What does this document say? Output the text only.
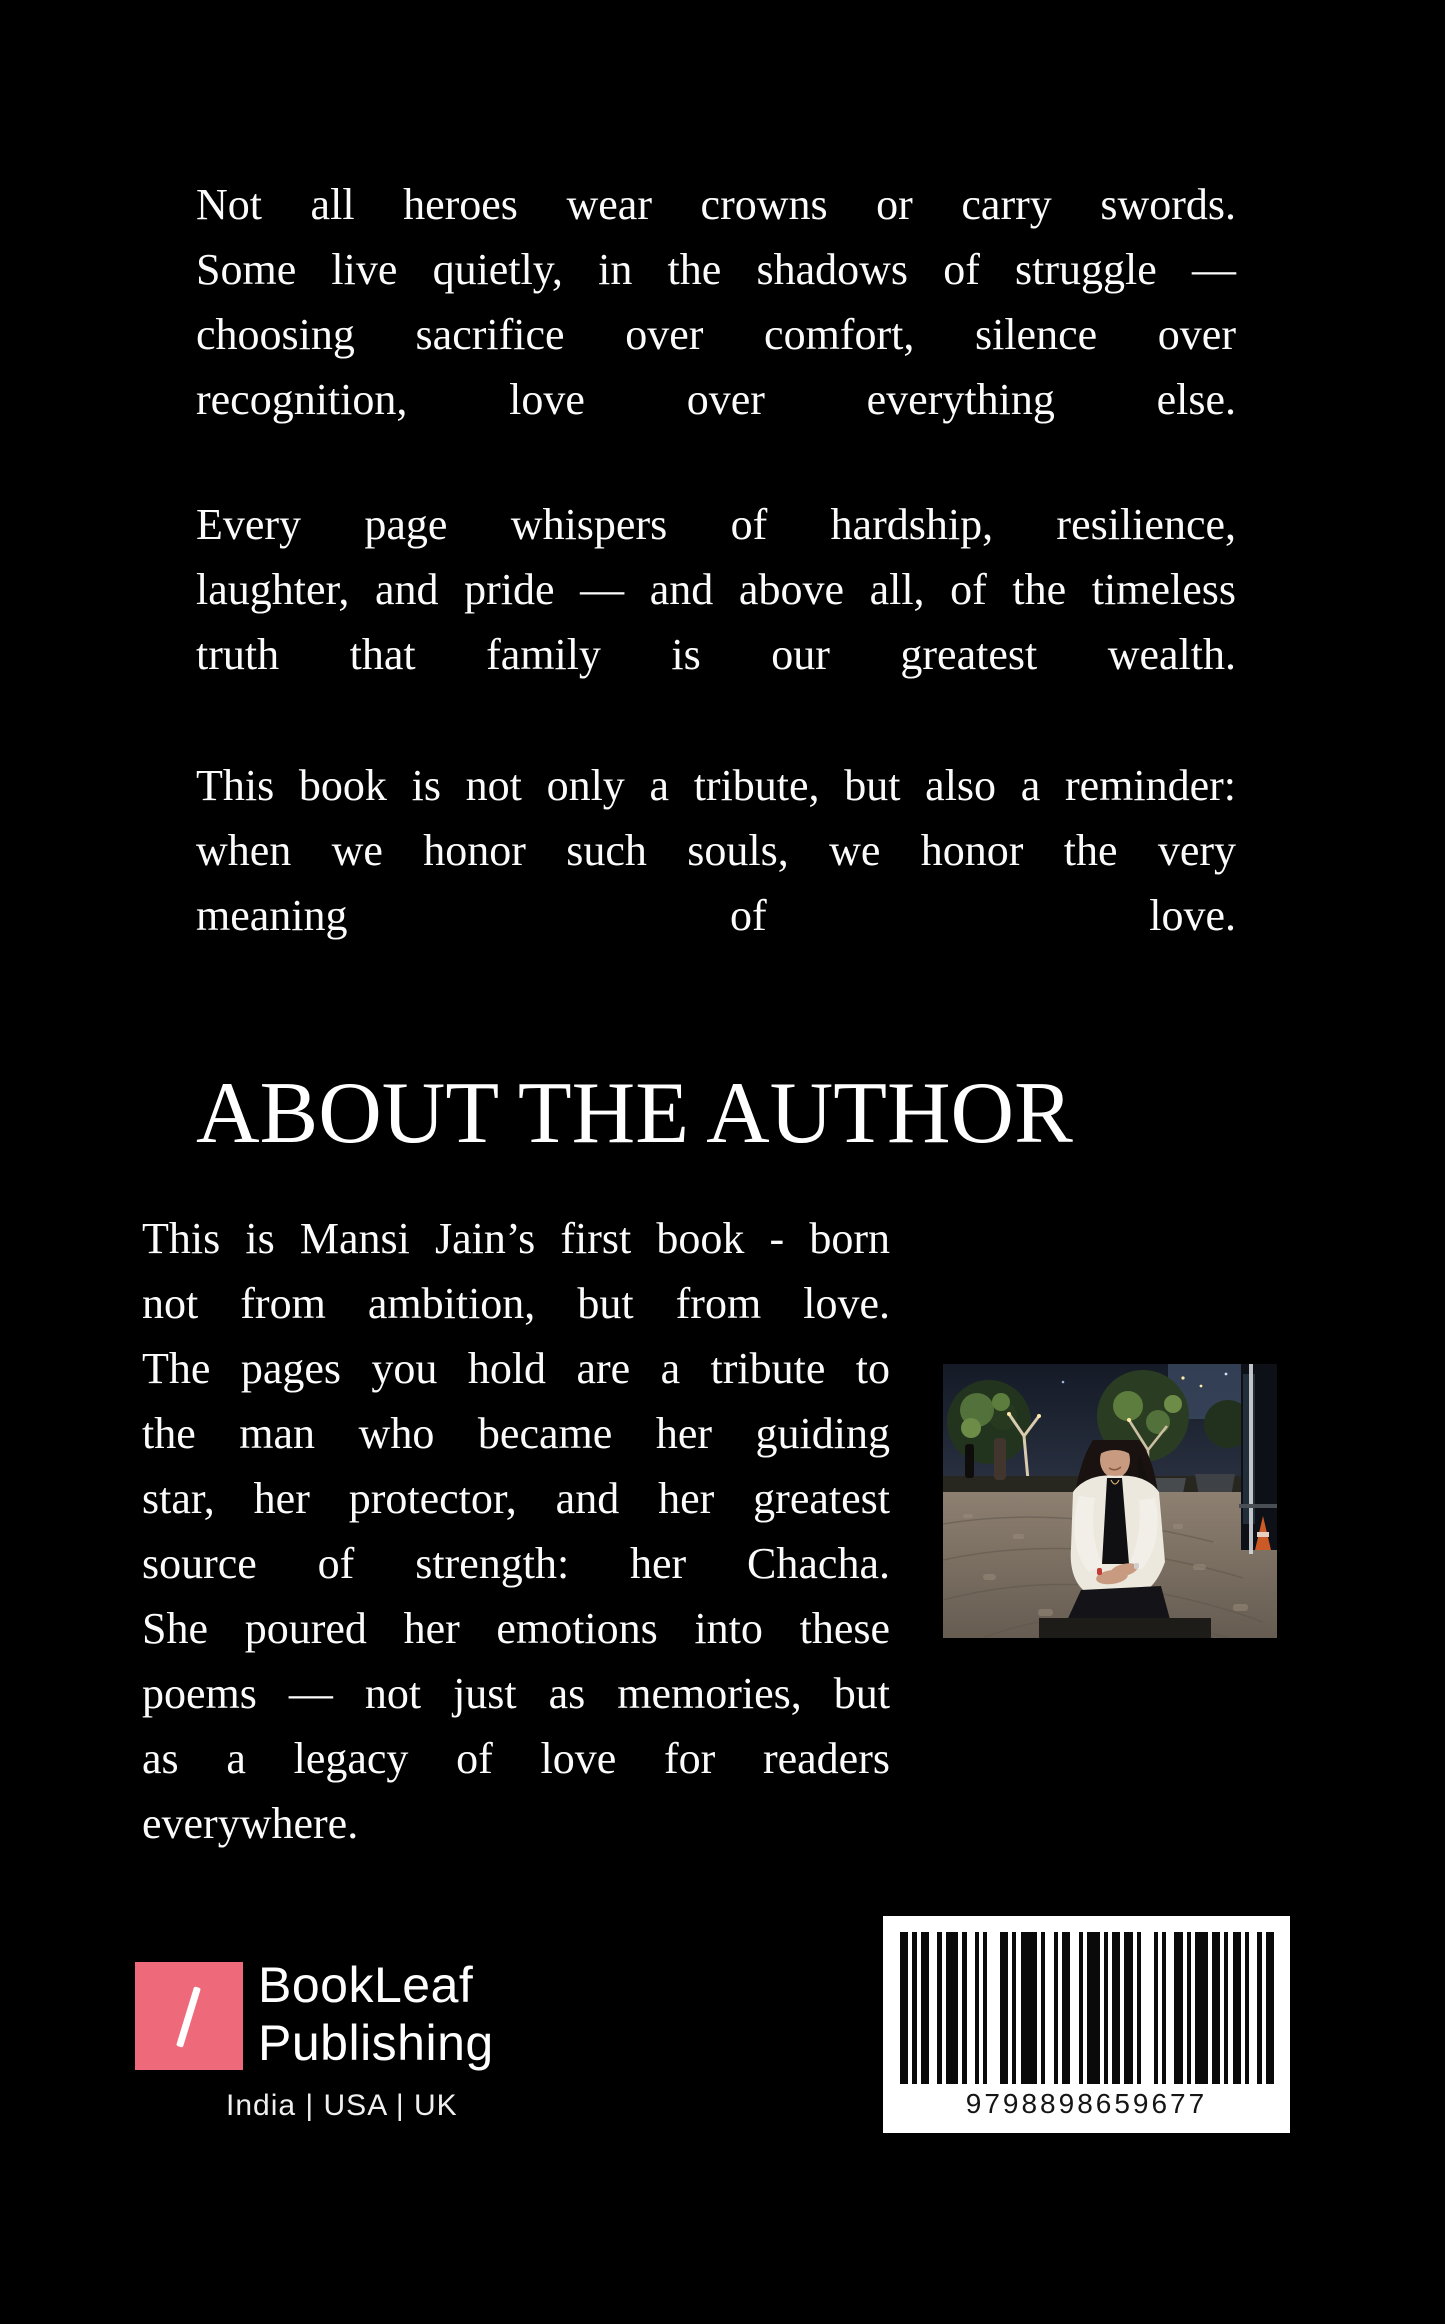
Not all heroes wear crowns or carry swords.
Some live quietly, in the shadows of struggle —
choosing sacrifice over comfort, silence over
recognition, love over everything else.
Every page whispers of hardship, resilience,
laughter, and pride — and above all, of the timeless
truth that family is our greatest wealth.
This book is not only a tribute, but also a reminder:
when we honor such souls, we honor the very
meaning of love.
ABOUT THE AUTHOR
This is Mansi Jain’s first book - born
not from ambition, but from love.
The pages you hold are a tribute to
the man who became her guiding
star, her protector, and her greatest
source of strength: her Chacha.
She poured her emotions into these
poems — not just as memories, but
as a legacy of love for readers
everywhere.
BookLeaf
Publishing
India | USA | UK	9798898659677
